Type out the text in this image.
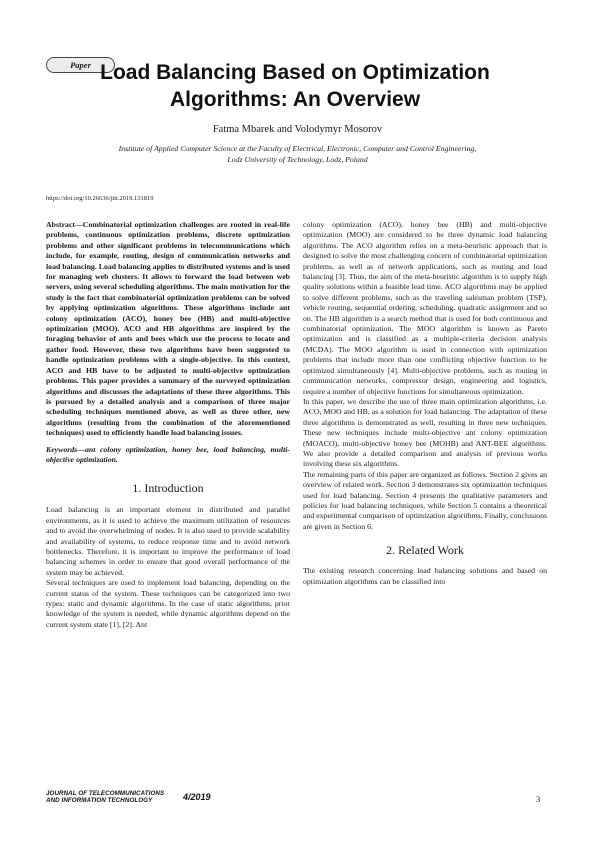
Paper Load Balancing Based on Optimization Algorithms: An Overview
Fatma Mbarek and Volodymyr Mosorov
Institute of Applied Computer Science at the Faculty of Electrical, Electronic, Computer and Control Engineering,
Lodz University of Technology, Lodz, Poland
https://doi.org/10.26636/jtit.2019.131819

Abstract—Combinatorial optimization challenges are rooted in real-life problems, continuous optimization problems, discrete optimization problems and other significant problems in telecommunications which include, for example, routing, design of communication networks and load balancing. Load balancing applies to distributed systems and is used for managing web clusters. It allows to forward the load between web servers, using several scheduling algorithms. The main motivation for the study is the fact that combinatorial optimization problems can be solved by applying optimization algorithms. These algorithms include ant colony optimization (ACO), honey bee (HB) and multi-objective optimization (MOO). ACO and HB algorithms are inspired by the foraging behavior of ants and bees which use the process to locate and gather food. However, these two algorithms have been suggested to handle optimization problems with a single-objective. In this context, ACO and HB have to be adjusted to multi-objective optimization problems. This paper provides a summary of the surveyed optimization algorithms and discusses the adaptations of these three algorithms. This is pursued by a detailed analysis and a comparison of three major scheduling techniques mentioned above, as well as three other, new algorithms (resulting from the combination of the aforementioned techniques) used to efficiently handle load balancing issues.

Keywords—ant colony optimization, honey bee, load balancing, multi-objective optimization.

1. Introduction

Load balancing is an important element in distributed and parallel environments, as it is used to achieve the maximum utilization of resources and to avoid the overwhelming of nodes. It is also used to provide scalability and availability of systems, to reduce response time and to avoid network bottlenecks. Therefore, it is important to improve the performance of load balancing schemes in order to ensure that good overall performance of the system may be achieved.

Several techniques are used to implement load balancing, depending on the current status of the system. These techniques can be categorized into two types: static and dynamic algorithms. In the case of static algorithms, prior knowledge of the system is needed, while dynamic algorithms depend on the current system state [1], [2]. Ant

colony optimization (ACO), honey bee (HB) and multi-objective optimization (MOO) are considered to be three dynamic load balancing algorithms. The ACO algorithm relies on a meta-heuristic approach that is designed to solve the most challenging concern of combinatorial optimization problems, as well as of network applications, such as routing and load balancing [3]. Thus, the aim of the meta-heuristic algorithm is to supply high quality solutions within a feasible lead time. ACO algorithms may be applied to solve different problems, such as the traveling salesman problem (TSP), vehicle routing, sequential ordering, scheduling, quadratic assignment and so on. The HB algorithm is a search method that is used for both continuous and combinatorial optimization. The MOO algorithm is known as Pareto optimization and is classified as a multiple-criteria decision analysis (MCDA). The MOO algorithm is used in connection with optimization problems that include more than one conflicting objective function to be optimized simultaneously [4]. Multi-objective problems, such as routing in communication networks, compressor design, engineering and logistics, require a number of objective functions for simultaneous optimization.

In this paper, we describe the use of three main optimization algorithms, i.e. ACO, MOO and HB, as a solution for load balancing. The adaptation of these three algorithms is demonstrated as well, resulting in three new techniques. These new techniques include multi-objective ant colony optimization (MOACO), multi-objective honey bee (MOHB) and ANT-BEE algorithms. We also provide a detailed comparison and analysis of previous works involving these six algorithms.

The remaining parts of this paper are organized as follows. Section 2 gives an overview of related work. Section 3 demonstrates six optimization techniques used for load balancing. Section 4 presents the qualitative parameters and policies for load balancing techniques, while Section 5 contains a theoretical and experimental comparison of optimization algorithms. Finally, conclusions are given in Section 6.

2. Related Work

The existing research concerning load balancing solutions and based on optimization algorithms can be classified into

JOURNAL OF TELECOMMUNICATIONS
AND INFORMATION TECHNOLOGY	4/2019	3
